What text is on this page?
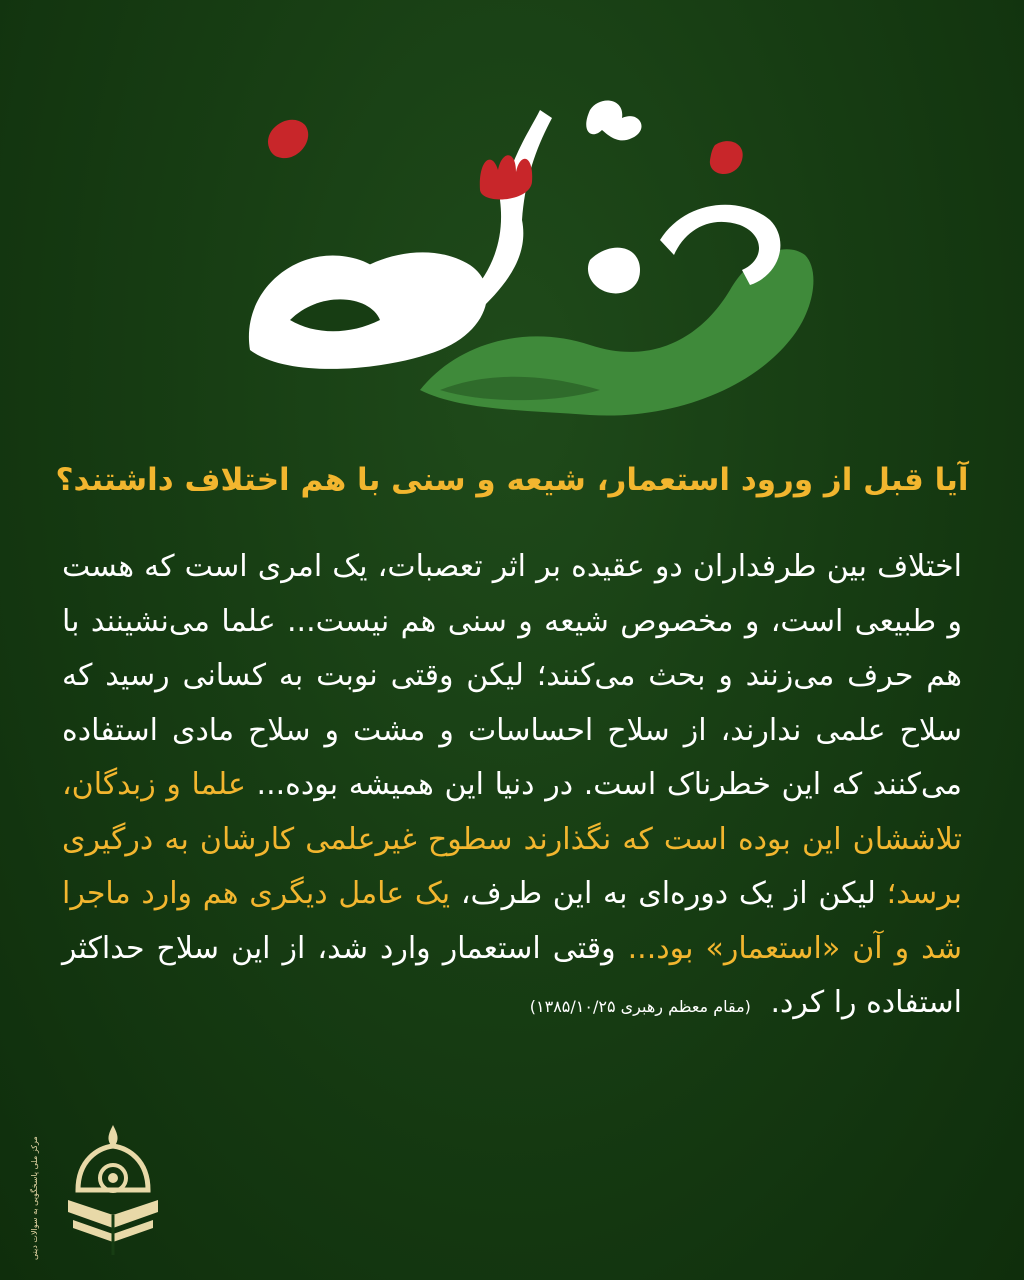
آیا قبل از ورود استعمار، شیعه و سنی با هم اختلاف داشتند؟
اختلاف بین طرفداران دو عقیده بر اثر تعصبات، یک امری است که هست و طبیعی است، و مخصوص شیعه و سنی هم نیست... علما می‌نشینند با هم حرف می‌زنند و بحث می‌کنند؛ لیکن وقتی نوبت به کسانی رسید که سلاح علمی ندارند، از سلاح احساسات و مشت و سلاح مادی استفاده می‌کنند که این خطرناک است. در دنیا این همیشه بوده... علما و زبدگان، تلاششان این بوده است که نگذارند سطوح غیرعلمی کارشان به درگیری برسد؛ لیکن از یک دوره‌ای به این طرف، یک عامل دیگری هم وارد ماجرا شد و آن «استعمار» بود... وقتی استعمار وارد شد، از این سلاح حداکثر استفاده را کرد. (مقام معظم رهبری ۱۳۸۵/۱۰/۲۵)
مرکز ملی پاسخگویی به سوالات دینی
